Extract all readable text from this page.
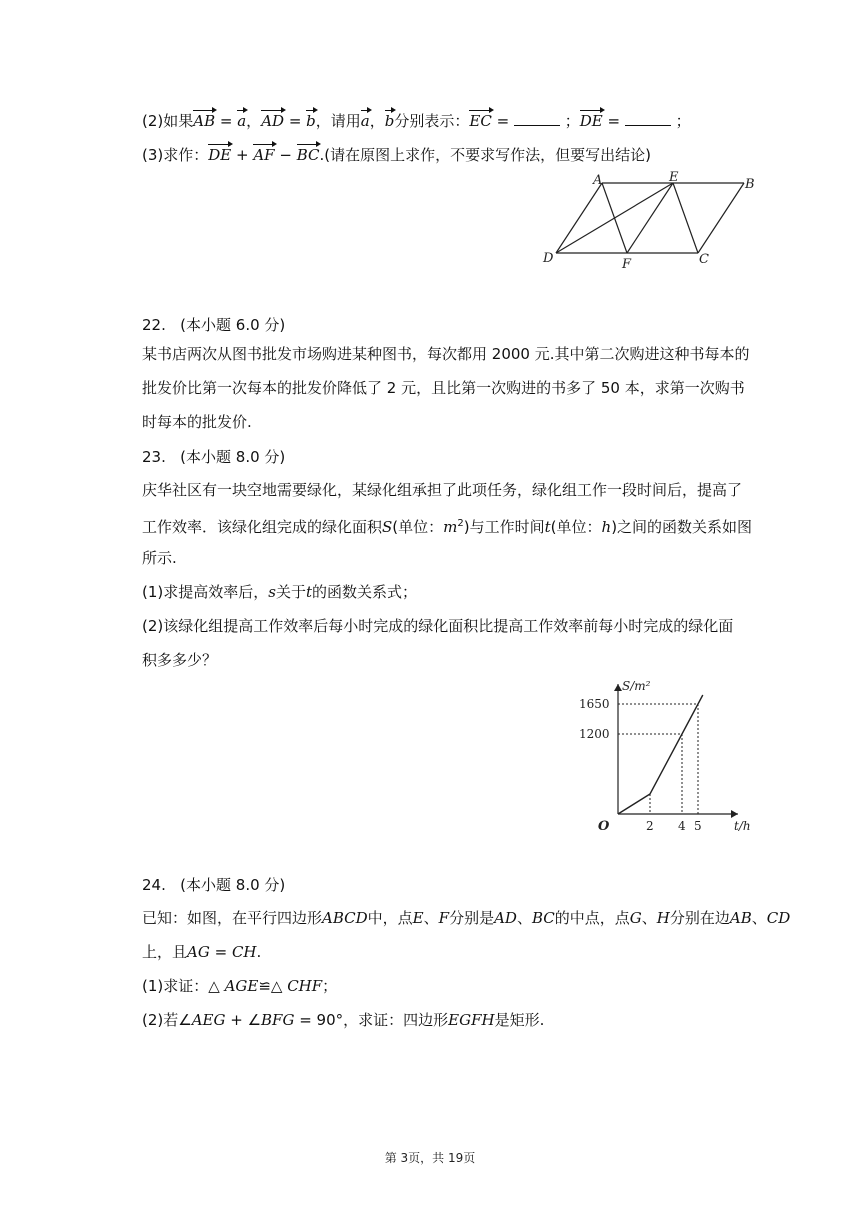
(2)如果AB = a，AD = b，请用a，b分别表示：EC =	；DE =	；
(3)求作：DE + AF − BC.(请在原图上求作，不要求写作法，但要写出结论)
A	E	B
D	F	C
22. (本小题 6.0 分)
某书店两次从图书批发市场购进某种图书，每次都用 2000 元.其中第二次购进这种书每本的
批发价比第一次每本的批发价降低了 2 元，且比第一次购进的书多了 50 本，求第一次购书
时每本的批发价.
23. (本小题 8.0 分)
庆华社区有一块空地需要绿化，某绿化组承担了此项任务，绿化组工作一段时间后，提高了
工作效率．该绿化组完成的绿化面积S(单位：$m^2$)与工作时间t(单位：h)之间的函数关系如图
所示.
(1)求提高效率后，s关于t的函数关系式；
(2)该绿化组提高工作效率后每小时完成的绿化面积比提高工作效率前每小时完成的绿化面
积多多少？
2 4 5
1650
1200
O	t/h
S/m²
24. (本小题 8.0 分)
已知：如图，在平行四边形ABCD中，点E、F分别是AD、BC的中点，点G、H分别在边AB、CD
上，且AG = CH.
(1)求证：△ AGE≌△ CHF；
(2)若∠AEG + ∠BFG = 90°，求证：四边形EGFH是矩形.
第 3页，共 19页
